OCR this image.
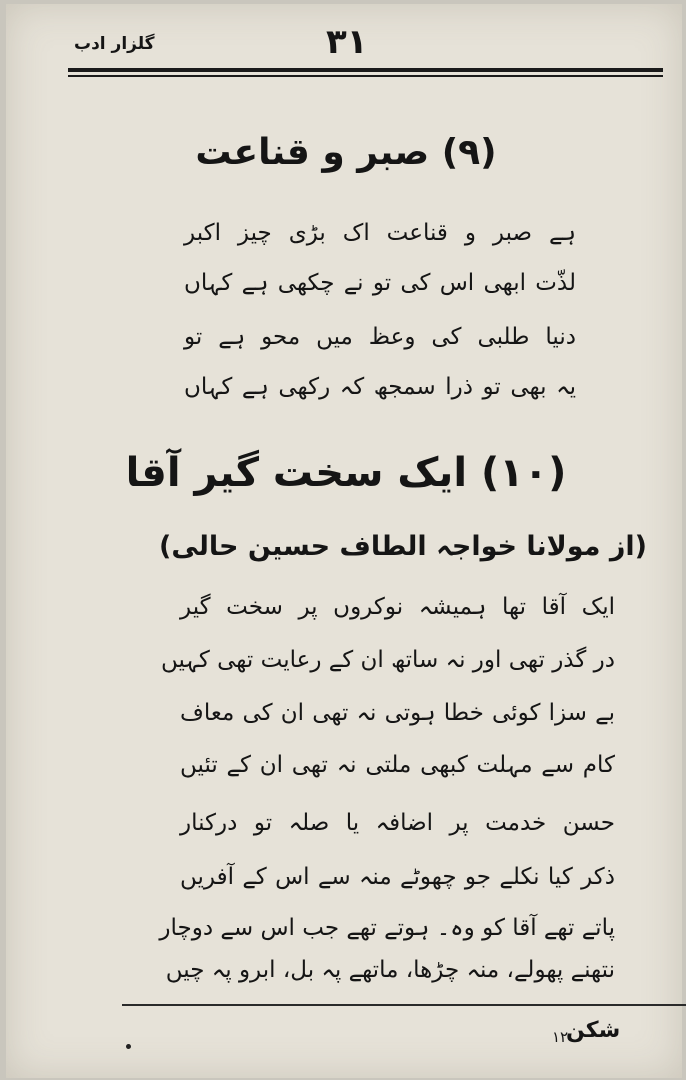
گلزار ادب	۳۱
(۹) صبر و قناعت
ہے صبر و قناعت اک بڑی چیز اکبر
لذّت ابھی اس کی تو نے چکھی ہے کہاں
دنیا طلبی کی وعظ میں محو ہے تو
یہ بھی تو ذرا سمجھ کہ رکھی ہے کہاں
(۱۰) ایک سخت گیر آقا
(از مولانا خواجہ الطاف حسین حالی)
ایک آقا تھا ہمیشہ نوکروں پر سخت گیر
در گذر تھی اور نہ ساتھ ان کے رعایت تھی کہیں
بے سزا کوئی خطا ہوتی نہ تھی ان کی معاف
کام سے مہلت کبھی ملتی نہ تھی ان کے تئیں
حسن خدمت پر اضافہ یا صلہ تو درکنار
ذکر کیا نکلے جو چھوٹے منہ سے اس کے آفریں
پاتے تھے آقا کو وہ۔ ہوتے تھے جب اس سے دوچار
نتھنے پھولے، منہ چڑھا، ماتھے پہ بل، ابرو پہ چیں
شکن
۱۲
